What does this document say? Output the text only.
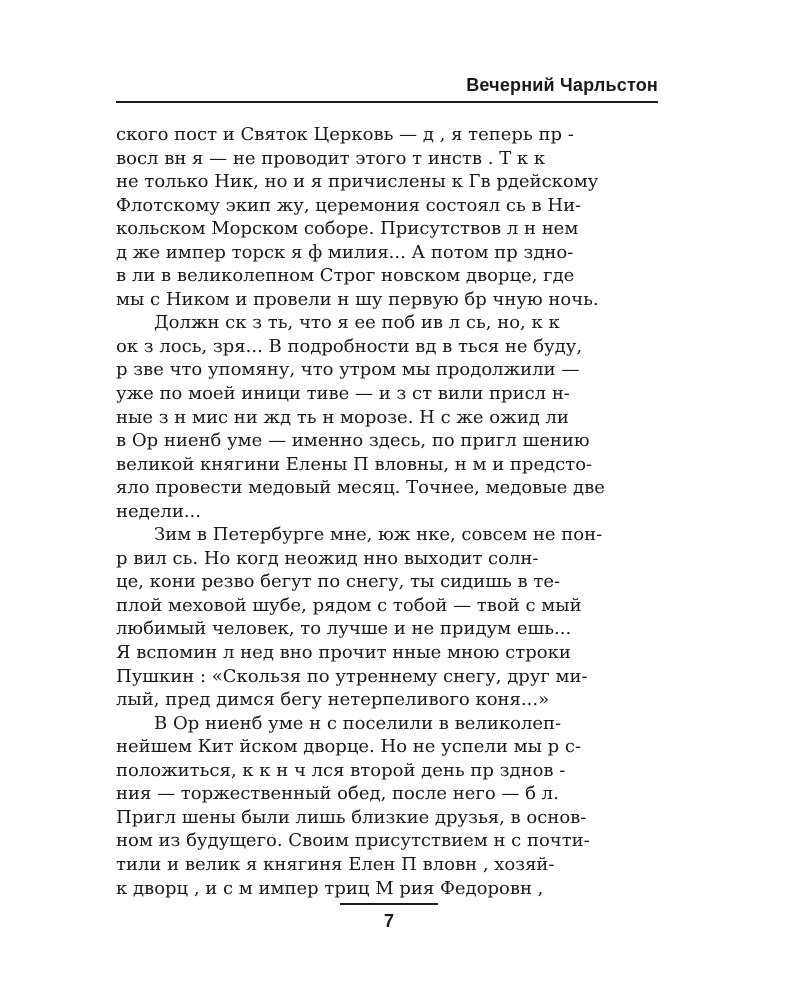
Вечерний Чарльстон
ского пост и Святок Церковь — д , я теперь пр -
восл вн я — не проводит этого т инств . Т к к
не только Ник, но и я причислены к Гв рдейскому
Флотскому экип жу, церемония состоял сь в Ни-
кольском Морском соборе. Присутствов л н нем
д же импер торск я ф милия... А потом пр здно-
в ли в великолепном Строг новском дворце, где
мы с Ником и провели н шу первую бр чную ночь.
Должн ск з ть, что я ее поб ив л сь, но, к к
ок з лось, зря... В подробности вд в ться не буду,
р зве что упомяну, что утром мы продолжили —
уже по моей иници тиве — и з ст вили присл н-
ные з н мис ни жд ть н морозе. Н с же ожид ли
в Ор ниенб уме — именно здесь, по пригл шению
великой княгини Елены П вловны, н м и предсто-
яло провести медовый месяц. Точнее, медовые две
недели...
Зим в Петербурге мне, юж нке, совсем не пон-
р вил сь. Но когд неожид нно выходит солн-
це, кони резво бегут по снегу, ты сидишь в те-
плой меховой шубе, рядом с тобой — твой с мый
любимый человек, то лучше и не придум ешь...
Я вспомин л нед вно прочит нные мною строки
Пушкин : «Скользя по утреннему снегу, друг ми-
лый, пред димся бегу нетерпеливого коня...»
В Ор ниенб уме н с поселили в великолеп-
нейшем Кит йском дворце. Но не успели мы р с-
положиться, к к н ч лся второй день пр зднов -
ния — торжественный обед, после него — б л.
Пригл шены были лишь близкие друзья, в основ-
ном из будущего. Своим присутствием н с почти-
тили и велик я княгиня Елен П вловн , хозяй-
к дворц , и с м импер триц М рия Федоровн ,
7
